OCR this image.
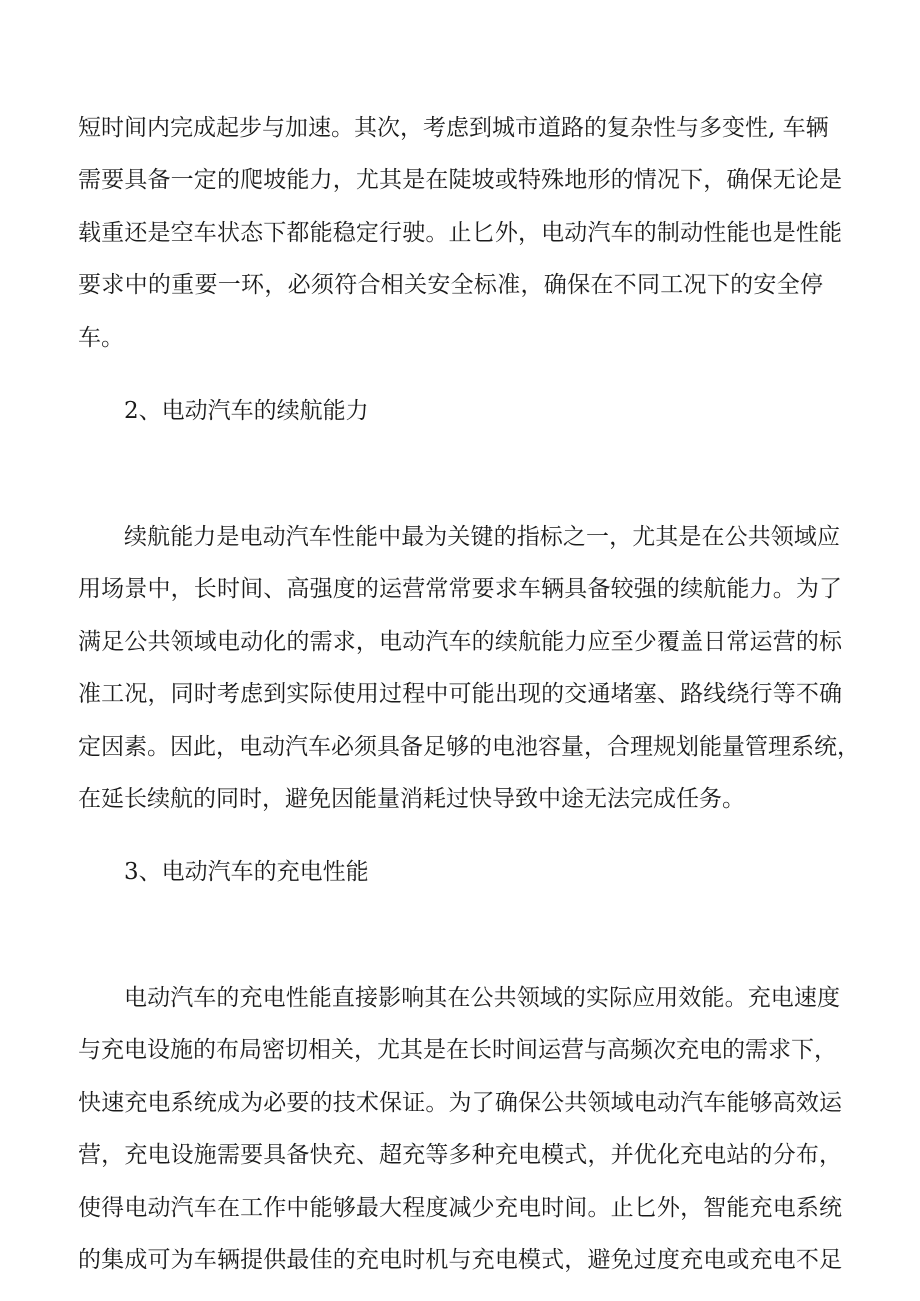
短时间内完成起步与加速。其次，考虑到城市道路的复杂性与多变性, 车辆
需要具备一定的爬坡能力，尤其是在陡坡或特殊地形的情况下，确保无论是
载重还是空车状态下都能稳定行驶。止匕外，电动汽车的制动性能也是性能
要求中的重要一环，必须符合相关安全标准，确保在不同工况下的安全停
车。
2、电动汽车的续航能力
续航能力是电动汽车性能中最为关键的指标之一，尤其是在公共领域应
用场景中，长时间、高强度的运营常常要求车辆具备较强的续航能力。为了
满足公共领域电动化的需求，电动汽车的续航能力应至少覆盖日常运营的标
准工况，同时考虑到实际使用过程中可能出现的交通堵塞、路线绕行等不确
定因素。因此，电动汽车必须具备足够的电池容量，合理规划能量管理系统，
在延长续航的同时，避免因能量消耗过快导致中途无法完成任务。
3、电动汽车的充电性能
电动汽车的充电性能直接影响其在公共领域的实际应用效能。充电速度
与充电设施的布局密切相关，尤其是在长时间运营与高频次充电的需求下，
快速充电系统成为必要的技术保证。为了确保公共领域电动汽车能够高效运
营，充电设施需要具备快充、超充等多种充电模式，并优化充电站的分布，
使得电动汽车在工作中能够最大程度减少充电时间。止匕外，智能充电系统
的集成可为车辆提供最佳的充电时机与充电模式，避免过度充电或充电不足
